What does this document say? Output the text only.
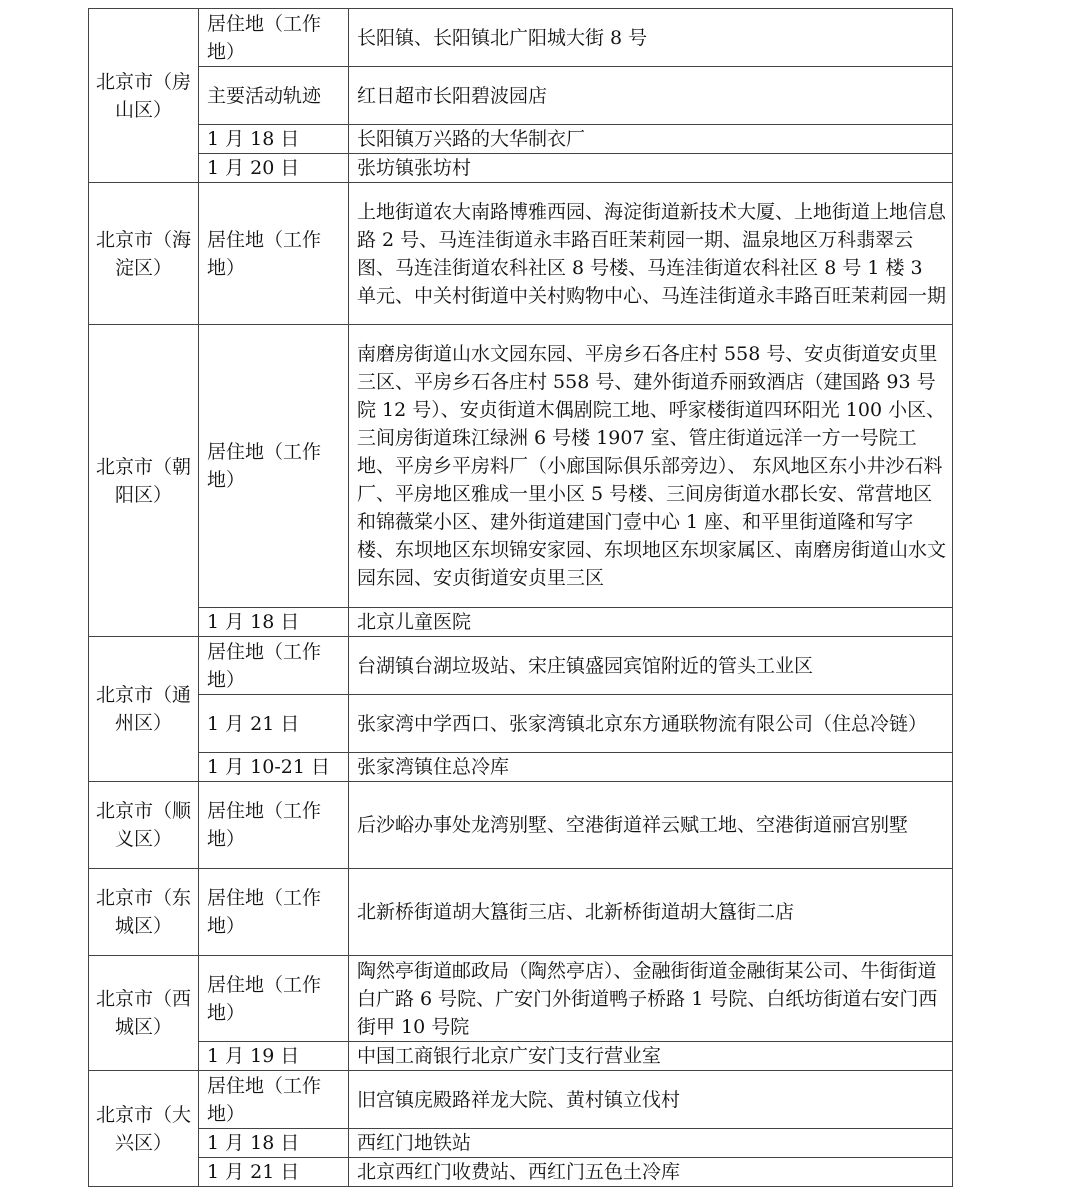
北京市（房山区）	居住地（工作地）	长阳镇、长阳镇北广阳城大街 8 号
	主要活动轨迹	红日超市长阳碧波园店
	1 月 18 日	长阳镇万兴路的大华制衣厂
	1 月 20 日	张坊镇张坊村
北京市（海淀区）	居住地（工作地）	上地街道农大南路博雅西园、海淀街道新技术大厦、上地街道上地信息路 2 号、马连洼街道永丰路百旺茉莉园一期、温泉地区万科翡翠云图、马连洼街道农科社区 8 号楼、马连洼街道农科社区 8 号 1 楼 3 单元、中关村街道中关村购物中心、马连洼街道永丰路百旺茉莉园一期
北京市（朝阳区）	居住地（工作地）	南磨房街道山水文园东园、平房乡石各庄村 558 号、安贞街道安贞里三区、平房乡石各庄村 558 号、建外街道乔丽致酒店（建国路 93 号院 12 号）、安贞街道木偶剧院工地、呼家楼街道四环阳光 100 小区、三间房街道珠江绿洲 6 号楼 1907 室、管庄街道远洋一方一号院工地、平房乡平房料厂（小廊国际俱乐部旁边）、 东风地区东小井沙石料厂、平房地区雅成一里小区 5 号楼、三间房街道水郡长安、常营地区和锦薇棠小区、建外街道建国门壹中心 1 座、和平里街道隆和写字楼、东坝地区东坝锦安家园、东坝地区东坝家属区、南磨房街道山水文园东园、安贞街道安贞里三区
	1 月 18 日	北京儿童医院
北京市（通州区）	居住地（工作地）	台湖镇台湖垃圾站、宋庄镇盛园宾馆附近的管头工业区
	1 月 21 日	张家湾中学西口、张家湾镇北京东方通联物流有限公司（住总冷链）
	1 月 10-21 日	张家湾镇住总冷库
北京市（顺义区）	居住地（工作地）	后沙峪办事处龙湾别墅、空港街道祥云赋工地、空港街道丽宫别墅
北京市（东城区）	居住地（工作地）	北新桥街道胡大簋街三店、北新桥街道胡大簋街二店
北京市（西城区）	居住地（工作地）	陶然亭街道邮政局（陶然亭店）、金融街街道金融街某公司、牛街街道白广路 6 号院、广安门外街道鸭子桥路 1 号院、白纸坊街道右安门西街甲 10 号院
	1 月 19 日	中国工商银行北京广安门支行营业室
北京市（大兴区）	居住地（工作地）	旧宫镇庑殿路祥龙大院、黄村镇立伐村
	1 月 18 日	西红门地铁站
	1 月 21 日	北京西红门收费站、西红门五色土冷库
